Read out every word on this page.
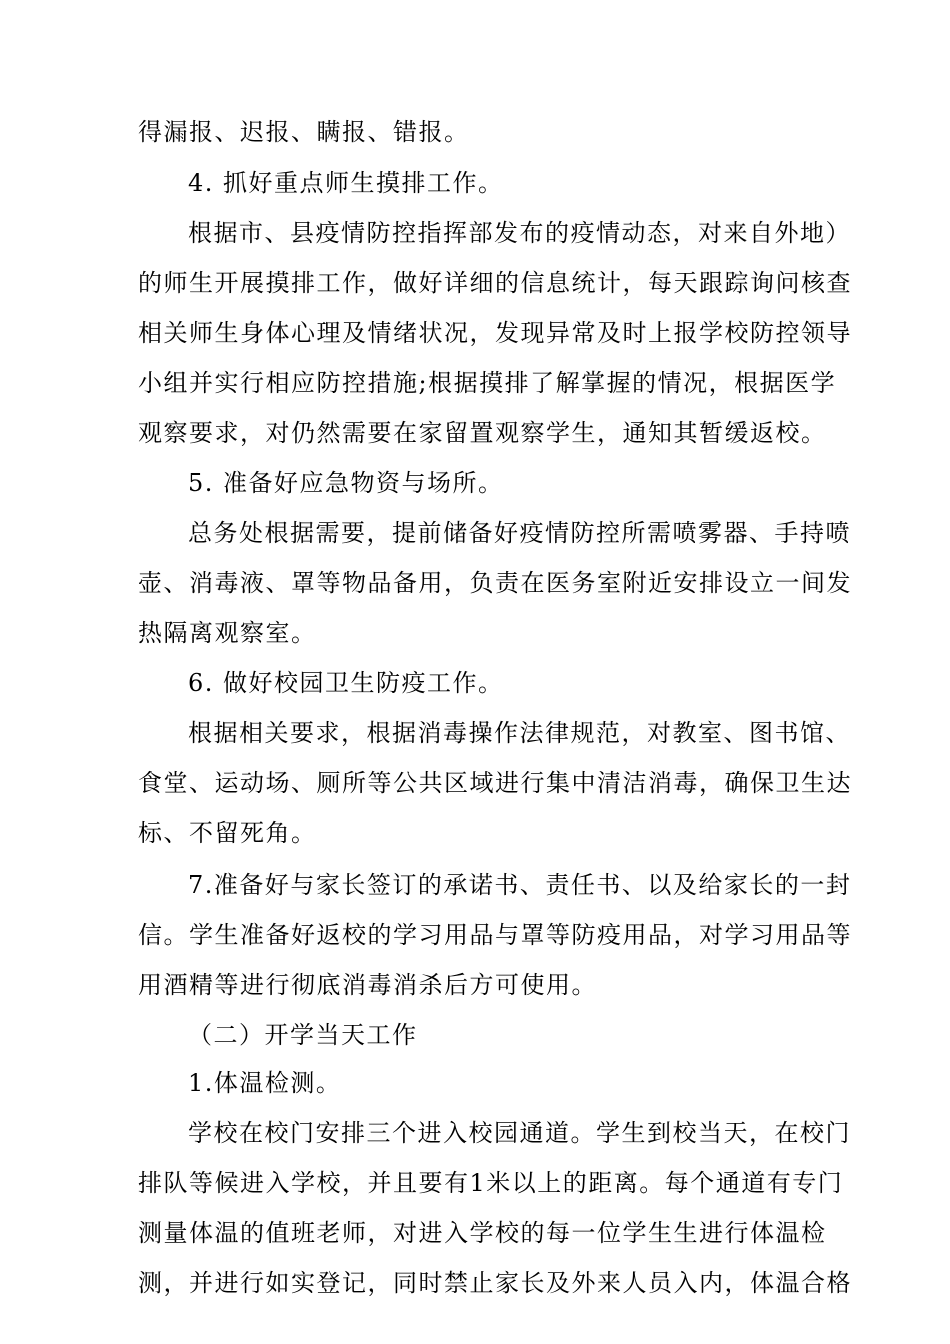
得漏报、迟报、瞒报、错报。
4. 抓好重点师生摸排工作。
根据市、县疫情防控指挥部发布的疫情动态，对来自外地）
的师生开展摸排工作，做好详细的信息统计，每天跟踪询问核查
相关师生身体心理及情绪状况，发现异常及时上报学校防控领导
小组并实行相应防控措施;根据摸排了解掌握的情况，根据医学
观察要求，对仍然需要在家留置观察学生，通知其暂缓返校。
5. 准备好应急物资与场所。
总务处根据需要，提前储备好疫情防控所需喷雾器、手持喷
壶、消毒液、罩等物品备用，负责在医务室附近安排设立一间发
热隔离观察室。
6. 做好校园卫生防疫工作。
根据相关要求，根据消毒操作法律规范，对教室、图书馆、
食堂、运动场、厕所等公共区域进行集中清洁消毒，确保卫生达
标、不留死角。
7.准备好与家长签订的承诺书、责任书、以及给家长的一封
信。学生准备好返校的学习用品与罩等防疫用品，对学习用品等
用酒精等进行彻底消毒消杀后方可使用。
（二）开学当天工作
1.体温检测。
学校在校门安排三个进入校园通道。学生到校当天，在校门
排队等候进入学校，并且要有1米以上的距离。每个通道有专门
测量体温的值班老师，对进入学校的每一位学生生进行体温检
测，并进行如实登记，同时禁止家长及外来人员入内，体温合格
